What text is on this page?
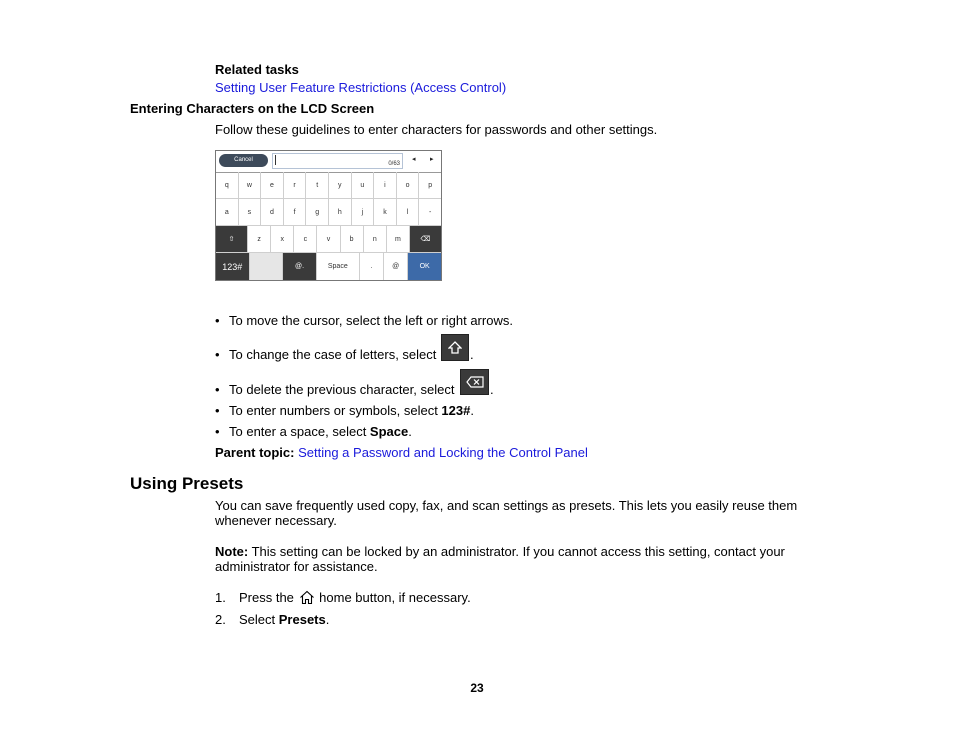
Related tasks
Setting User Feature Restrictions (Access Control)
Entering Characters on the LCD Screen
Follow these guidelines to enter characters for passwords and other settings.
Cancel
0/63
◂ ▸
q	w	e	r	t	y	u	i	o	p
a	s	d	f	g	h	j	k	l	-
⇧	z	x	c	v	b	n	m	⌫
123#	@.	Space	.	@	OK
• To move the cursor, select the left or right arrows.
• To change the case of letters, select	.
• To delete the previous character, select	.
• To enter numbers or symbols, select 123#.
• To enter a space, select Space.
Parent topic: Setting a Password and Locking the Control Panel
Using Presets
You can save frequently used copy, fax, and scan settings as presets. This lets you easily reuse them whenever necessary.
Note: This setting can be locked by an administrator. If you cannot access this setting, contact your administrator for assistance.
1. Press the home button, if necessary.
2. Select Presets.
23
